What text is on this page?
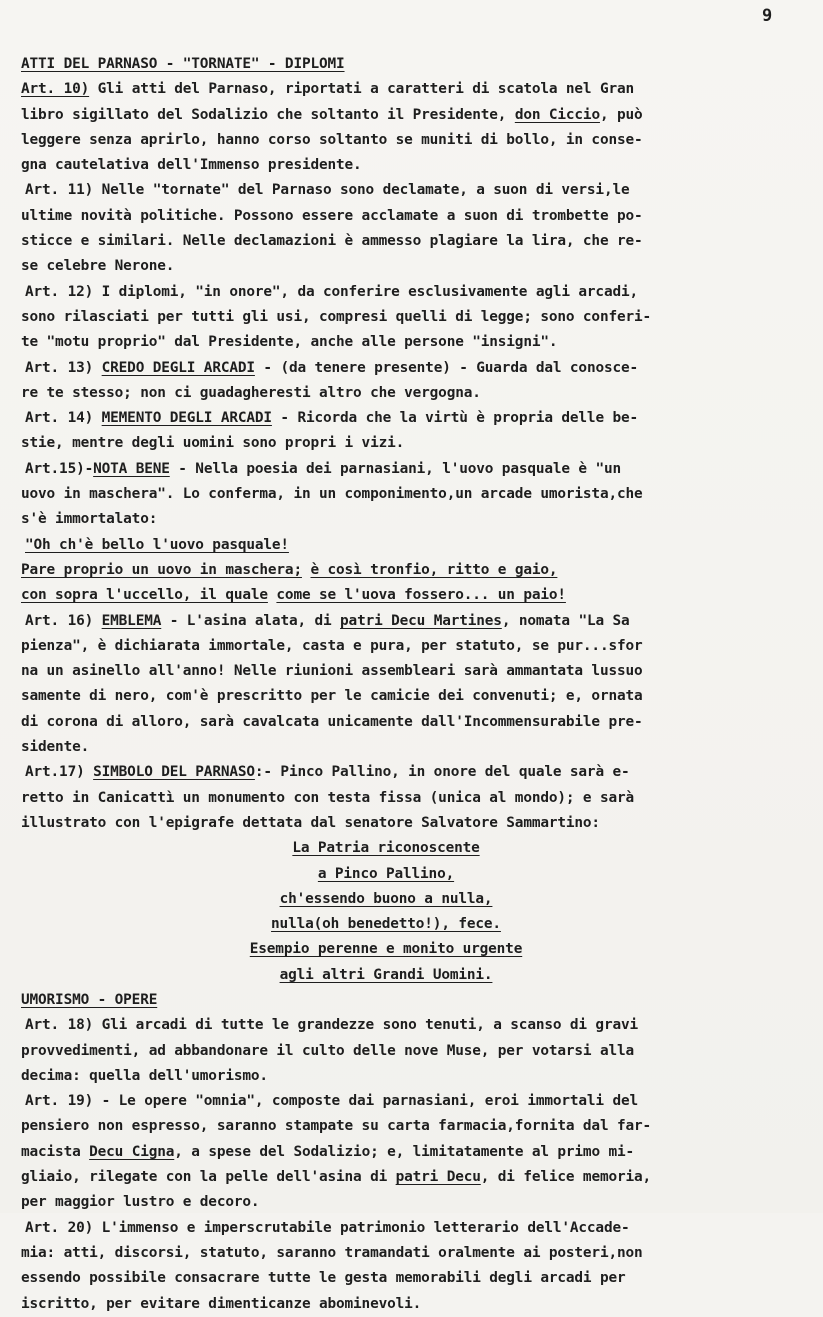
9
ATTI DEL PARNASO - "TORNATE" - DIPLOMI
Art. 10) Gli atti del Parnaso, riportati a caratteri di scatola nel Gran
libro sigillato del Sodalizio che soltanto il Presidente, don Ciccio, può
leggere senza aprirlo, hanno corso soltanto se muniti di bollo, in conse-
gna cautelativa dell'Immenso presidente.
Art. 11) Nelle "tornate" del Parnaso sono declamate, a suon di versi,le
ultime novità politiche. Possono essere acclamate a suon di trombette po-
sticce e similari. Nelle declamazioni è ammesso plagiare la lira, che re-
se celebre Nerone.
Art. 12) I diplomi, "in onore", da conferire esclusivamente agli arcadi,
sono rilasciati per tutti gli usi, compresi quelli di legge; sono conferi-
te "motu proprio" dal Presidente, anche alle persone "insigni".
Art. 13) CREDO DEGLI ARCADI - (da tenere presente) - Guarda dal conosce-
re te stesso; non ci guadagheresti altro che vergogna.
Art. 14) MEMENTO DEGLI ARCADI - Ricorda che la virtù è propria delle be-
stie, mentre degli uomini sono propri i vizi.
Art.15)-NOTA BENE - Nella poesia dei parnasiani, l'uovo pasquale è "un
uovo in maschera". Lo conferma, in un componimento,un arcade umorista,che
s'è immortalato:
"Oh ch'è bello l'uovo pasquale!
Pare proprio un uovo in maschera; è così tronfio, ritto e gaio,
con sopra l'uccello, il quale come se l'uova fossero... un paio!
Art. 16) EMBLEMA - L'asina alata, di patri Decu Martines, nomata "La Sa
pienza", è dichiarata immortale, casta e pura, per statuto, se pur...sfor
na un asinello all'anno! Nelle riunioni assembleari sarà ammantata lussuo
samente di nero, com'è prescritto per le camicie dei convenuti; e, ornata
di corona di alloro, sarà cavalcata unicamente dall'Incommensurabile pre-
sidente.
Art.17) SIMBOLO DEL PARNASO:- Pinco Pallino, in onore del quale sarà e-
retto in Canicattì un monumento con testa fissa (unica al mondo); e sarà
illustrato con l'epigrafe dettata dal senatore Salvatore Sammartino:
La Patria riconoscente
a Pinco Pallino,
ch'essendo buono a nulla,
nulla(oh benedetto!), fece.
Esempio perenne e monito urgente
agli altri Grandi Uomini.
UMORISMO - OPERE
Art. 18) Gli arcadi di tutte le grandezze sono tenuti, a scanso di gravi
provvedimenti, ad abbandonare il culto delle nove Muse, per votarsi alla
decima: quella dell'umorismo.
Art. 19) - Le opere "omnia", composte dai parnasiani, eroi immortali del
pensiero non espresso, saranno stampate su carta farmacia,fornita dal far-
macista Decu Cigna, a spese del Sodalizio; e, limitatamente al primo mi-
gliaio, rilegate con la pelle dell'asina di patri Decu, di felice memoria,
per maggior lustro e decoro.
Art. 20) L'immenso e imperscrutabile patrimonio letterario dell'Accade-
mia: atti, discorsi, statuto, saranno tramandati oralmente ai posteri,non
essendo possibile consacrare tutte le gesta memorabili degli arcadi per
iscritto, per evitare dimenticanze abominevoli.
